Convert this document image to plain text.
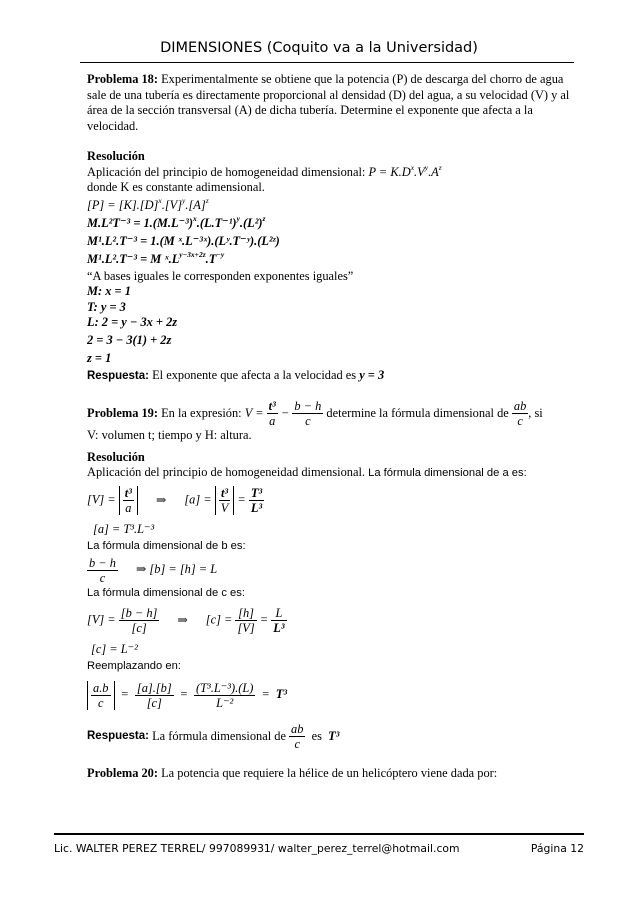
DIMENSIONES (Coquito va a la Universidad)

Problema 18: Experimentalmente se obtiene que la potencia (P) de descarga del chorro de agua sale de una tubería es directamente proporcional al densidad (D) del agua, a su velocidad (V) y al área de la sección transversal (A) de dicha tubería. Determine el exponente que afecta a la velocidad.

Resolución

Aplicación del principio de homogeneidad dimensional: $P = K.D^x.V^y.A^z$

donde K es constante adimensional.

$[P] = [K].[D]^x.[V]^y.[A]^z$
$M.L^2T^{-3} = 1.(M.L^{-3})^x.(L.T^{-1})^y.(L^2)^z$
M¹.L².T⁻³ = 1.(M ˣ.L⁻³ˣ).(Lʸ.T⁻ʸ).(L²ᶻ)
M¹.L².T⁻³ = M $ˣ.L^{y-3x+2z}.T^{-y}$

“A bases iguales le corresponden exponentes iguales”

M: x = 1

T: y = 3

L: 2 = y − 3x + 2z

2 = 3 − 3(1) + 2z
z = 1

Respuesta: El exponente que afecta a la velocidad es y = 3

Problema 19: En la expresión: $V = \frac{\text{t³}}{a} - \frac{b - h}{c}$ determine la fórmula dimensional de $\frac{ab}{c}$ , si

V: volumen t; tiempo y H: altura.

Resolución

Aplicación del principio de homogeneidad dimensional. La fórmula dimensional de a es:

$[V] = \frac{\text{t³}}{a}$ ⇒ $[a] = \frac{\text{t³}}{V} = \frac{\text{T³}}{\text{L³}}$
[a] = T³.L⁻³

La fórmula dimensional de b es:

$\frac{b - h}{c}$ ⇒ [b] = [h] = L

La fórmula dimensional de c es:

$[V] = \frac{[b - h]}{[c]}$ ⇒ $[c] = \frac{[h]}{[V]} = \frac{L}{\text{L³}}$
[c] = L⁻²

Reemplazando en:

$\frac{a.b}{c} = \frac{[a].[b]}{[c]} = \frac{\text{(T³.L⁻³).(L)}}{\text{L⁻²}} = T^3$
Respuesta: La fórmula dimensional de $\frac{ab}{c}$ es T³

Problema 20: La potencia que requiere la hélice de un helicóptero viene dada por:

Lic. WALTER PEREZ TERREL/ 997089931/ walter_perez_terrel@hotmail.com	Página 12
